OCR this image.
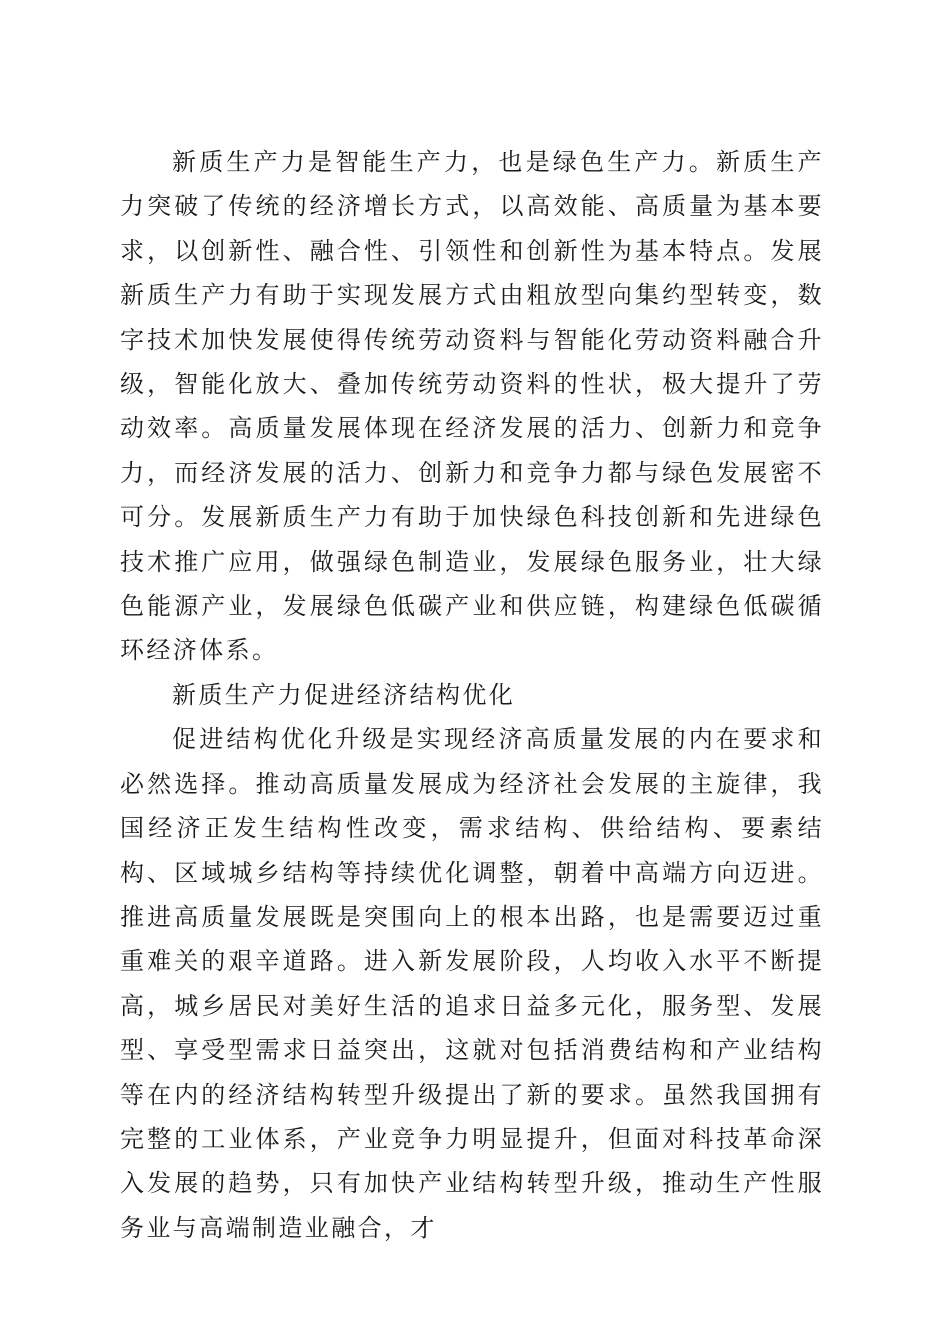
新质生产力是智能生产力，也是绿色生产力。新质生产力突破了传统的经济增长方式，以高效能、高质量为基本要求，以创新性、融合性、引领性和创新性为基本特点。发展新质生产力有助于实现发展方式由粗放型向集约型转变，数字技术加快发展使得传统劳动资料与智能化劳动资料融合升级，智能化放大、叠加传统劳动资料的性状，极大提升了劳动效率。高质量发展体现在经济发展的活力、创新力和竞争力，而经济发展的活力、创新力和竞争力都与绿色发展密不可分。发展新质生产力有助于加快绿色科技创新和先进绿色技术推广应用，做强绿色制造业，发展绿色服务业，壮大绿色能源产业，发展绿色低碳产业和供应链，构建绿色低碳循环经济体系。

新质生产力促进经济结构优化

促进结构优化升级是实现经济高质量发展的内在要求和必然选择。推动高质量发展成为经济社会发展的主旋律，我国经济正发生结构性改变，需求结构、供给结构、要素结构、区域城乡结构等持续优化调整，朝着中高端方向迈进。推进高质量发展既是突围向上的根本出路，也是需要迈过重重难关的艰辛道路。进入新发展阶段，人均收入水平不断提高，城乡居民对美好生活的追求日益多元化，服务型、发展型、享受型需求日益突出，这就对包括消费结构和产业结构等在内的经济结构转型升级提出了新的要求。虽然我国拥有完整的工业体系，产业竞争力明显提升，但面对科技革命深入发展的趋势，只有加快产业结构转型升级，推动生产性服务业与高端制造业融合，才
